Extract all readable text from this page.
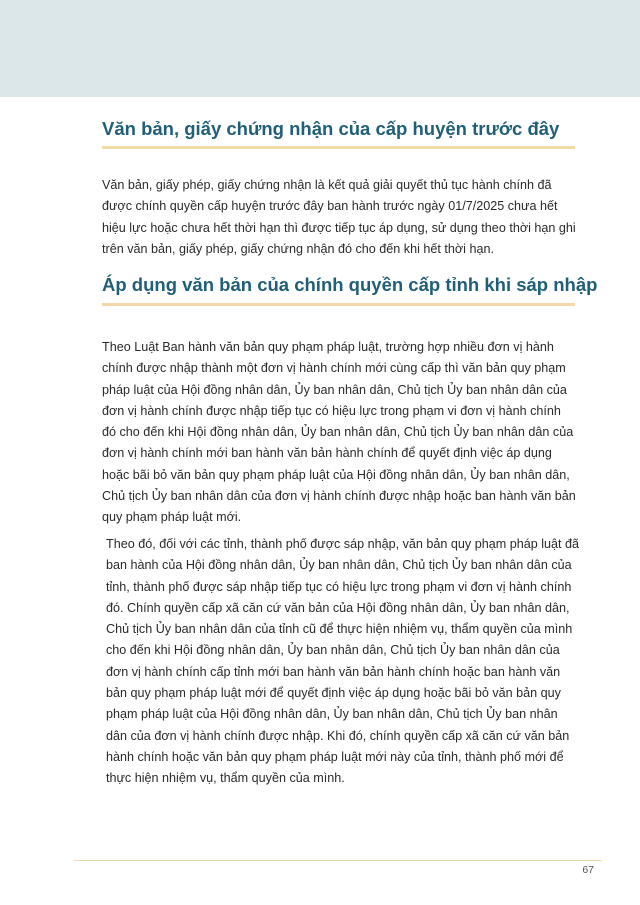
Văn bản, giấy chứng nhận của cấp huyện trước đây

Văn bản, giấy phép, giấy chứng nhận là kết quả giải quyết thủ tục hành chính đã được chính quyền cấp huyện trước đây ban hành trước ngày 01/7/2025 chưa hết hiệu lực hoặc chưa hết thời hạn thì được tiếp tục áp dụng, sử dụng theo thời hạn ghi trên văn bản, giấy phép, giấy chứng nhận đó cho đến khi hết thời hạn.

Áp dụng văn bản của chính quyền cấp tỉnh khi sáp nhập

Theo Luật Ban hành văn bản quy phạm pháp luật, trường hợp nhiều đơn vị hành chính được nhập thành một đơn vị hành chính mới cùng cấp thì văn bản quy phạm pháp luật của Hội đồng nhân dân, Ủy ban nhân dân, Chủ tịch Ủy ban nhân dân của đơn vị hành chính được nhập tiếp tục có hiệu lực trong phạm vi đơn vị hành chính đó cho đến khi Hội đồng nhân dân, Ủy ban nhân dân, Chủ tịch Ủy ban nhân dân của đơn vị hành chính mới ban hành văn bản hành chính để quyết định việc áp dụng hoặc bãi bỏ văn bản quy phạm pháp luật của Hội đồng nhân dân, Ủy ban nhân dân, Chủ tịch Ủy ban nhân dân của đơn vị hành chính được nhập hoặc ban hành văn bản quy phạm pháp luật mới.

Theo đó, đối với các tỉnh, thành phố được sáp nhập, văn bản quy phạm pháp luật đã ban hành của Hội đồng nhân dân, Ủy ban nhân dân, Chủ tịch Ủy ban nhân dân của tỉnh, thành phố được sáp nhập tiếp tục có hiệu lực trong phạm vi đơn vị hành chính đó. Chính quyền cấp xã căn cứ văn bản của Hội đồng nhân dân, Ủy ban nhân dân, Chủ tịch Ủy ban nhân dân của tỉnh cũ để thực hiện nhiệm vụ, thẩm quyền của mình cho đến khi Hội đồng nhân dân, Ủy ban nhân dân, Chủ tịch Ủy ban nhân dân của đơn vị hành chính cấp tỉnh mới ban hành văn bản hành chính hoặc ban hành văn bản quy phạm pháp luật mới để quyết định việc áp dụng hoặc bãi bỏ văn bản quy phạm pháp luật của Hội đồng nhân dân, Ủy ban nhân dân, Chủ tịch Ủy ban nhân dân của đơn vị hành chính được nhập. Khi đó, chính quyền cấp xã căn cứ văn bản hành chính hoặc văn bản quy phạm pháp luật mới này của tỉnh, thành phố mới để thực hiện nhiệm vụ, thẩm quyền của mình.

67
